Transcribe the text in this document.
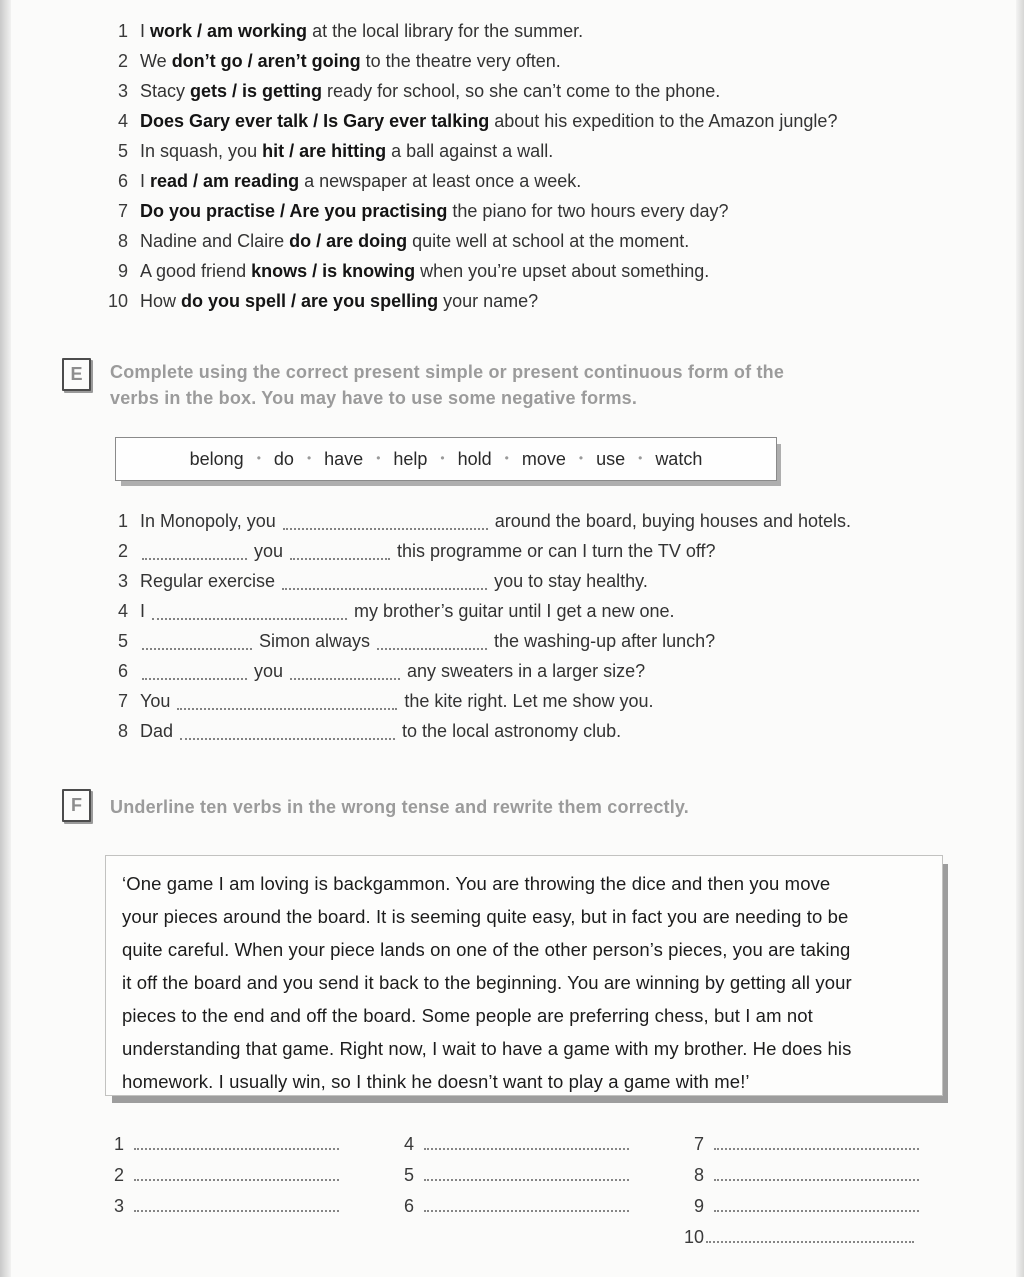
1 I work / am working at the local library for the summer.
2 We don’t go / aren’t going to the theatre very often.
3 Stacy gets / is getting ready for school, so she can’t come to the phone.
4 Does Gary ever talk / Is Gary ever talking about his expedition to the Amazon jungle?
5 In squash, you hit / are hitting a ball against a wall.
6 I read / am reading a newspaper at least once a week.
7 Do you practise / Are you practising the piano for two hours every day?
8 Nadine and Claire do / are doing quite well at school at the moment.
9 A good friend knows / is knowing when you’re upset about something.
10 How do you spell / are you spelling your name?
E Complete using the correct present simple or present continuous form of the
verbs in the box. You may have to use some negative forms.
belong • do • have • help • hold • move • use • watch
1 In Monopoly, you	around the board, buying houses and hotels.
2	you	this programme or can I turn the TV off?
3 Regular exercise	you to stay healthy.
4 I	my brother’s guitar until I get a new one.
5	Simon always	the washing-up after lunch?
6	you	any sweaters in a larger size?
7 You	the kite right. Let me show you.
8 Dad	to the local astronomy club.
F Underline ten verbs in the wrong tense and rewrite them correctly.
‘One game I am loving is backgammon. You are throwing the dice and then you move
your pieces around the board. It is seeming quite easy, but in fact you are needing to be
quite careful. When your piece lands on one of the other person’s pieces, you are taking
it off the board and you send it back to the beginning. You are winning by getting all your
pieces to the end and off the board. Some people are preferring chess, but I am not
understanding that game. Right now, I wait to have a game with my brother. He does his
homework. I usually win, so I think he doesn’t want to play a game with me!’
1
2
3
4
5
6
7
8
9
10
